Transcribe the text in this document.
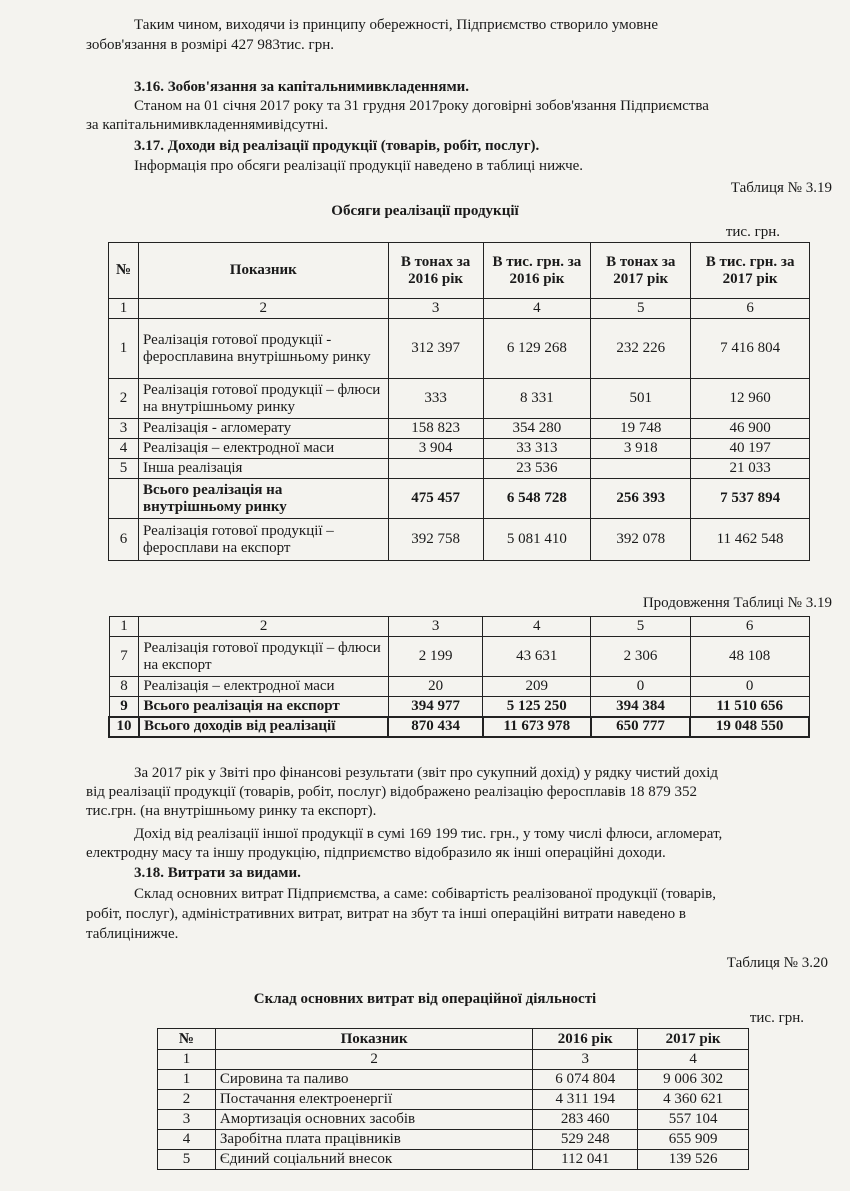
Таким чином, виходячи із принципу обережності, Підприємство створило умовне

зобов'язання в розмірі 427 983тис. грн.

3.16. Зобов'язання за капітальнимивкладеннями.

Станом на 01 січня 2017 року та 31 грудня 2017року договірні зобов'язання Підприємства

за капітальнимивкладеннямивідсутні.

3.17. Доходи від реалізації продукції (товарів, робіт, послуг).

Інформація про обсяги реалізації продукції наведено в таблиці нижче.

Таблиця № 3.19

Обсяги реалізації продукції

тис. грн.

№	Показник	В тонах за 2016 рік	В тис. грн. за 2016 рік	В тонах за 2017 рік	В тис. грн. за 2017 рік
1	2	3	4	5	6
1	Реалізація готової продукції - феросплавина внутрішньому ринку	312 397	6 129 268	232 226	7 416 804
2	Реалізація готової продукції – флюси на внутрішньому ринку	333	8 331	501	12 960
3	Реалізація - агломерату	158 823	354 280	19 748	46 900
4	Реалізація – електродної маси	3 904	33 313	3 918	40 197
5	Інша реалізація		23 536		21 033
	Всього реалізація на внутрішньому ринку	475 457	6 548 728	256 393	7 537 894
6	Реалізація готової продукції – феросплави на експорт	392 758	5 081 410	392 078	11 462 548

Продовження Таблиці № 3.19

1	2	3	4	5	6
7	Реалізація готової продукції – флюси на експорт	2 199	43 631	2 306	48 108
8	Реалізація – електродної маси	20	209	0	0
9	Всього реалізація на експорт	394 977	5 125 250	394 384	11 510 656
10	Всього доходів від реалізації	870 434	11 673 978	650 777	19 048 550

За 2017 рік у Звіті про фінансові результати (звіт про сукупний дохід) у рядку чистий дохід

від реалізації продукції (товарів, робіт, послуг) відображено реалізацію феросплавів 18 879 352

тис.грн. (на внутрішньому ринку та експорт).

Дохід від реалізації іншої продукції в сумі 169 199 тис. грн., у тому числі флюси, агломерат,

електродну масу та іншу продукцію, підприємство відобразило як інші операційні доходи.

3.18. Витрати за видами.

Склад основних витрат Підприємства, а саме: собівартість реалізованої продукції (товарів,

робіт, послуг), адміністративних витрат, витрат на збут та інші операційні витрати наведено в

таблицінижче.

Таблиця № 3.20

Склад основних витрат від операційної діяльності

тис. грн.

№	Показник	2016 рік	2017 рік
1	2	3	4
1	Сировина та паливо	6 074 804	9 006 302
2	Постачання електроенергії	4 311 194	4 360 621
3	Амортизація основних засобів	283 460	557 104
4	Заробітна плата працівників	529 248	655 909
5	Єдиний соціальний внесок	112 041	139 526
